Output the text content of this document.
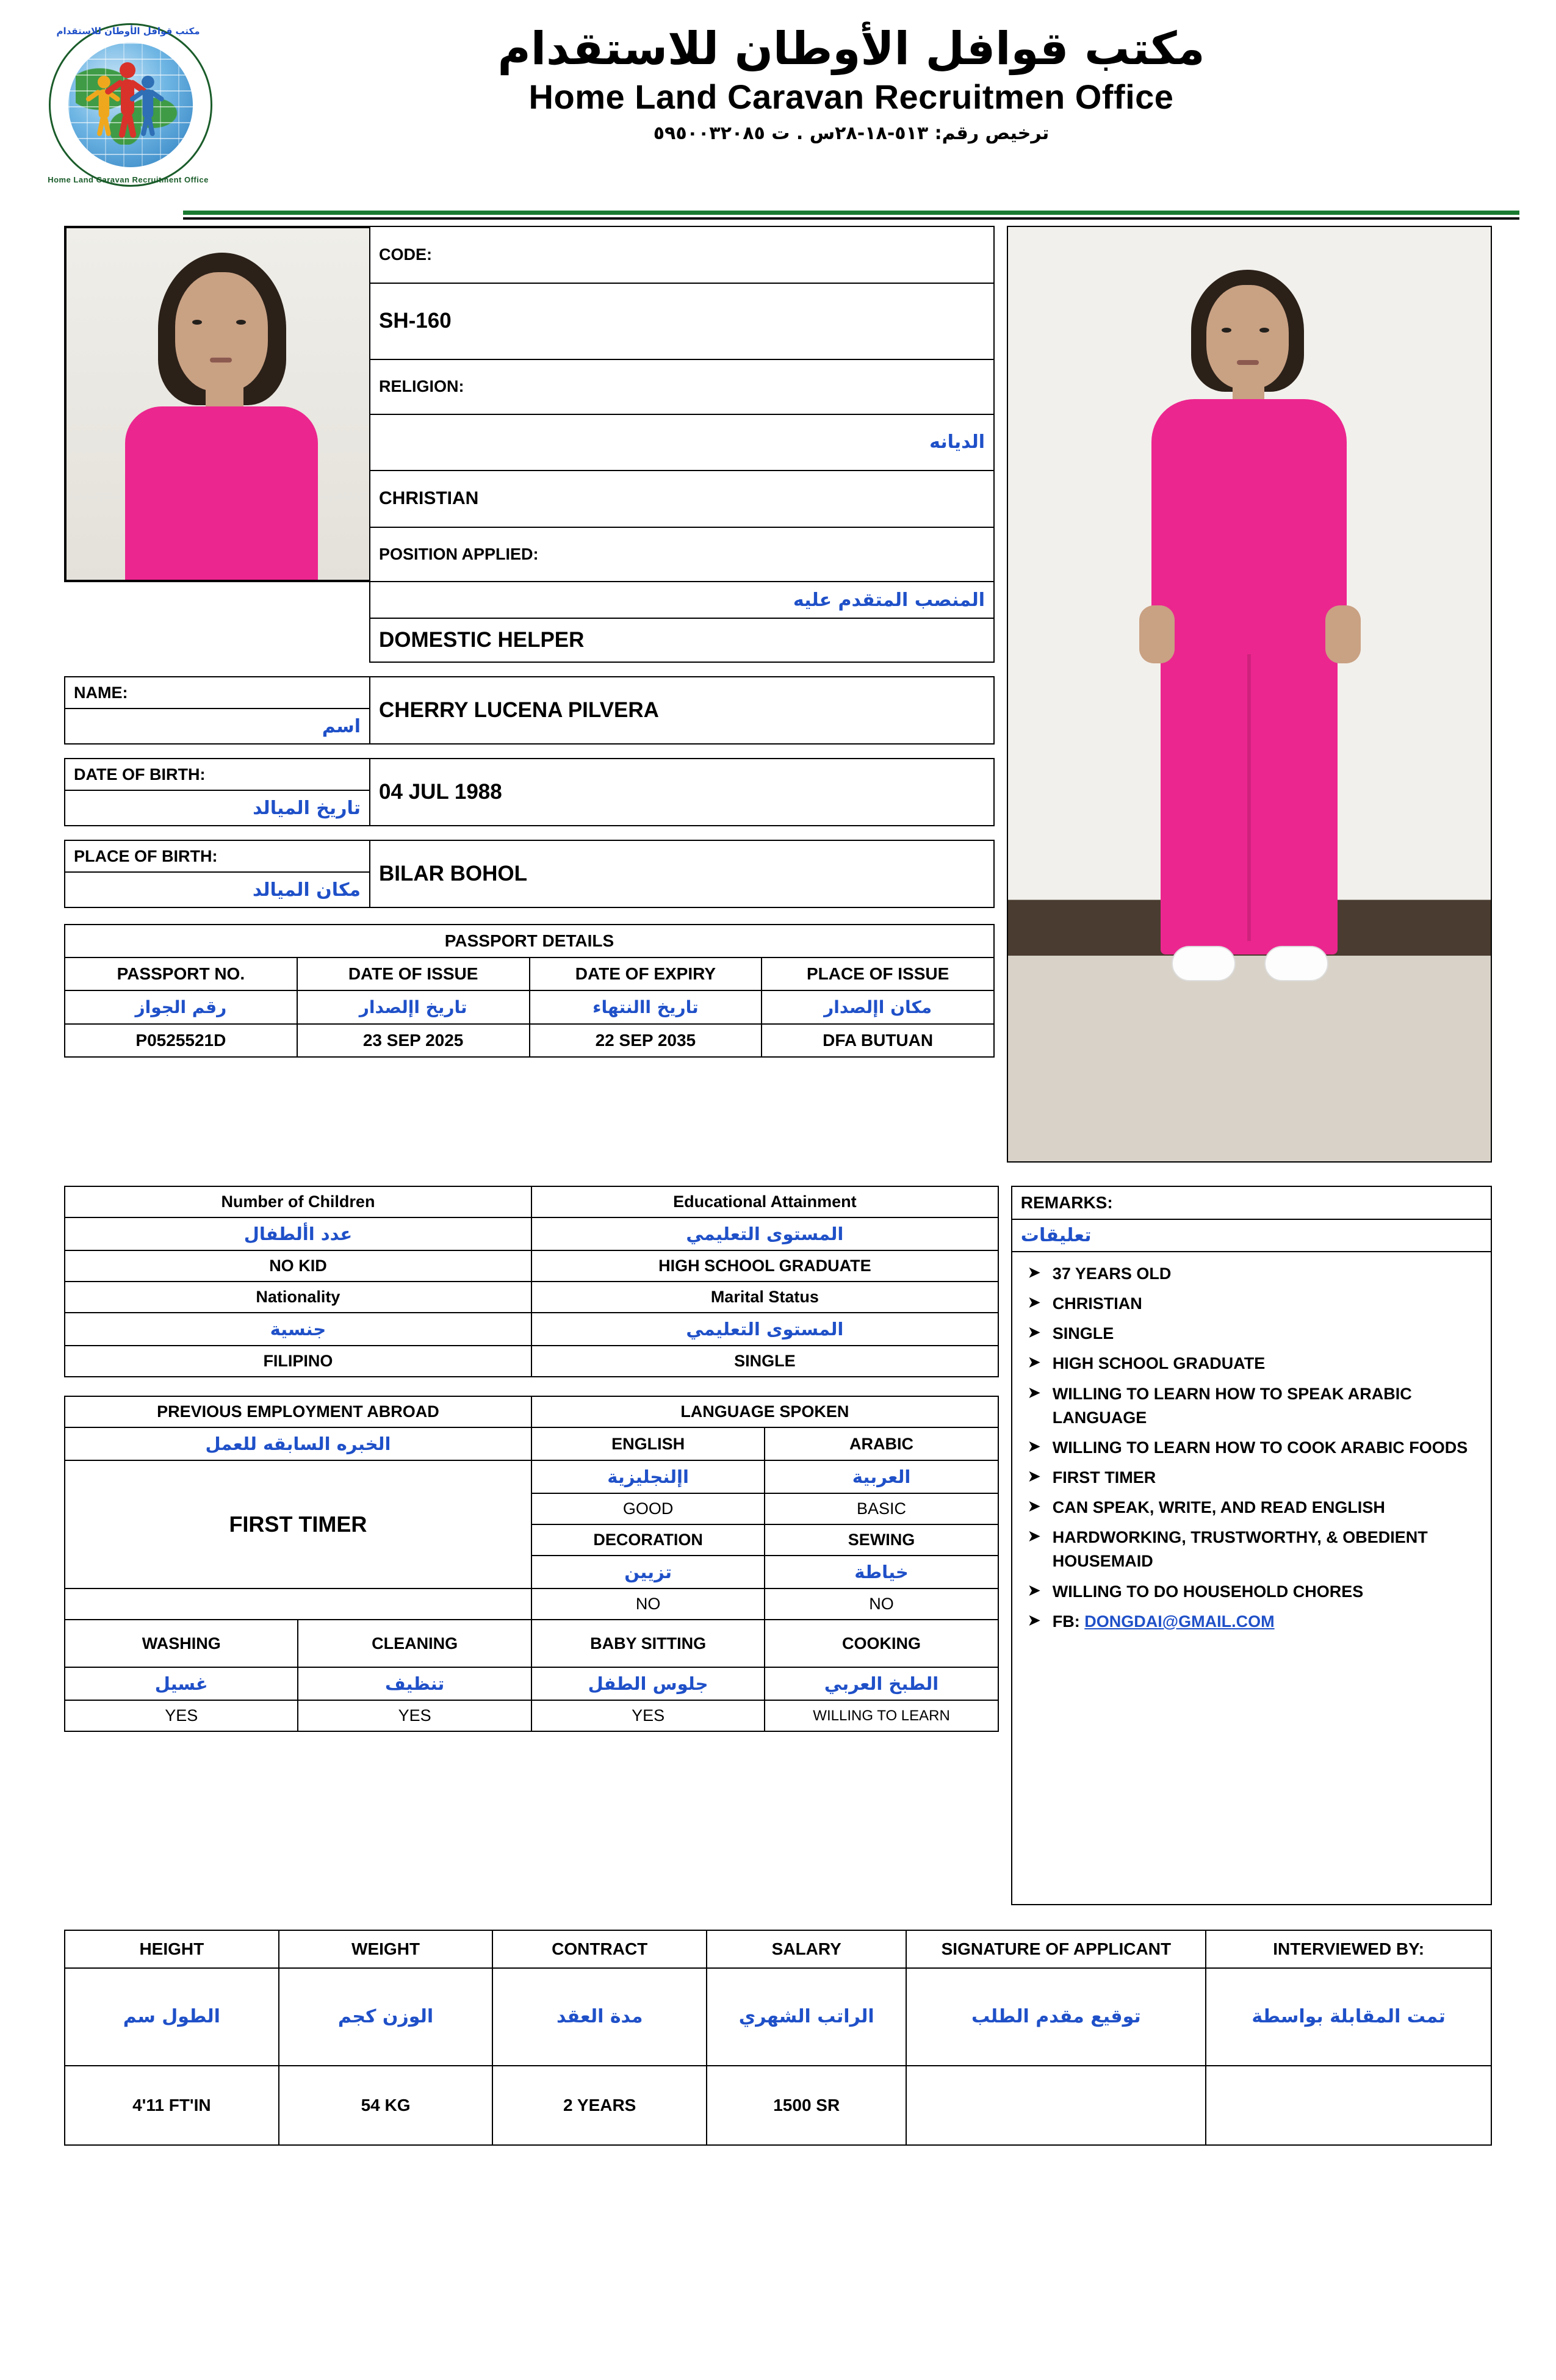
مكتب قوافل الأوطان للاستقدام
Home Land Caravan Recruitment Office
مكتب قوافل الأوطان للاستقدام
Home Land Caravan Recruitmen Office
ترخيص رقم: ٥١٣-١٨-٢٨س . ت ٥٩٥٠٠٣٢٠٨٥
	CODE:
	SH-160
	RELIGION:
	الديانه
	CHRISTIAN
	POSITION APPLIED:
	المنصب المتقدم عليه
	DOMESTIC HELPER
NAME:	CHERRY LUCENA PILVERA
اسم
DATE OF BIRTH:	04 JUL 1988
تاريخ الميالد
PLACE OF BIRTH:	BILAR BOHOL
مكان الميالد
PASSPORT DETAILS			
PASSPORT NO.	DATE OF ISSUE	DATE OF EXPIRY	PLACE OF ISSUE
رقم الجواز	تاريخ اإلصدار	تاريخ االنتهاء	مكان اإلصدار
P0525521D	23 SEP 2025	22 SEP 2035	DFA BUTUAN
Number of Children	Educational Attainment
عدد األطفال	المستوى التعليمي
NO KID	HIGH SCHOOL GRADUATE
Nationality	Marital Status
جنسية	المستوى التعليمي
FILIPINO	SINGLE
PREVIOUS EMPLOYMENT ABROAD		LANGUAGE SPOKEN	
الخبره السابقه للعمل		ENGLISH	ARABIC
FIRST TIMER		اإلنجليزية	العربية
		GOOD	BASIC
		DECORATION	SEWING
		تزيين	خياطة
		NO	NO
WASHING	CLEANING	BABY SITTING	COOKING
غسيل	تنظيف	جلوس الطفل	الطبخ العربي
YES	YES	YES	WILLING TO LEARN
REMARKS:
تعليقات

➤ 37 YEARS OLD
➤ CHRISTIAN
➤ SINGLE
➤ HIGH SCHOOL GRADUATE
➤ WILLING TO LEARN HOW TO SPEAK ARABIC LANGUAGE
➤ WILLING TO LEARN HOW TO COOK ARABIC FOODS
➤ FIRST TIMER
➤ CAN SPEAK, WRITE, AND READ ENGLISH
➤ HARDWORKING, TRUSTWORTHY, & OBEDIENT HOUSEMAID
➤ WILLING TO DO HOUSEHOLD CHORES
➤ FB: DONGDAI@GMAIL.COM
HEIGHT	WEIGHT	CONTRACT	SALARY	SIGNATURE OF APPLICANT	INTERVIEWED BY:
الطول سم	الوزن كجم	مدة العقد	الراتب الشهري	توقيع مقدم الطلب	تمت المقابلة بواسطة
4'11 FT'IN	54 KG	2 YEARS	1500 SR		
